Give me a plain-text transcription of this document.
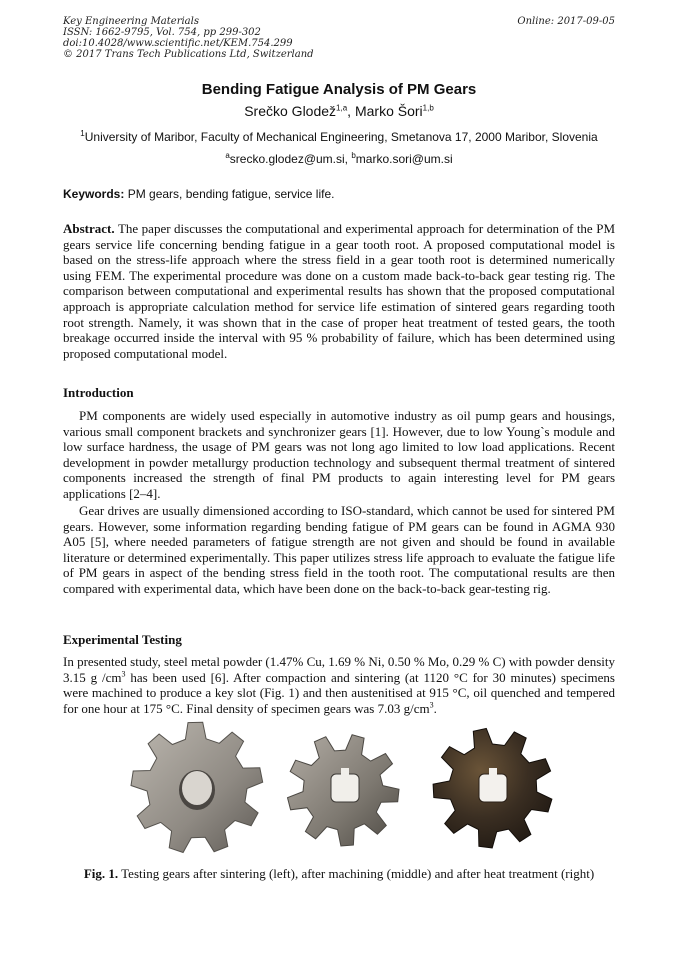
Key Engineering Materials
ISSN: 1662-9795, Vol. 754, pp 299-302
doi:10.4028/www.scientific.net/KEM.754.299
© 2017 Trans Tech Publications Ltd, Switzerland
Online: 2017-09-05
Bending Fatigue Analysis of PM Gears
Srečko Glodež$^{1,a}$, Marko Šori$^{1,b}$
$^1$University of Maribor, Faculty of Mechanical Engineering, Smetanova 17, 2000 Maribor, Slovenia
$^a$srecko.glodez@um.si, $^b$marko.sori@um.si
Keywords: PM gears, bending fatigue, service life.
Abstract. The paper discusses the computational and experimental approach for determination of the PM gears service life concerning bending fatigue in a gear tooth root. A proposed computational model is based on the stress-life approach where the stress field in a gear tooth root is determined numerically using FEM. The experimental procedure was done on a custom made back-to-back gear testing rig. The comparison between computational and experimental results has shown that the proposed computational approach is appropriate calculation method for service life estimation of sintered gears regarding tooth root strength. Namely, it was shown that in the case of proper heat treatment of tested gears, the tooth breakage occurred inside the interval with 95 % probability of failure, which has been determined using proposed computational model.
Introduction
PM components are widely used especially in automotive industry as oil pump gears and housings, various small component brackets and synchronizer gears [1]. However, due to low Young`s module and low surface hardness, the usage of PM gears was not long ago limited to low load applications. Recent development in powder metallurgy production technology and subsequent thermal treatment of sintered components increased the strength of final PM products to again interesting level for PM gears applications [2–4].
Gear drives are usually dimensioned according to ISO-standard, which cannot be used for sintered PM gears. However, some information regarding bending fatigue of PM gears can be found in AGMA 930 A05 [5], where needed parameters of fatigue strength are not given and should be found in available literature or determined experimentally. This paper utilizes stress life approach to evaluate the fatigue life of PM gears in aspect of the bending stress field in the tooth root. The computational results are then compared with experimental data, which have been done on the back-to-back gear-testing rig.
Experimental Testing
In presented study, steel metal powder (1.47% Cu, 1.69 % Ni, 0.50 % Mo, 0.29 % C) with powder density 3.15 g $/cm^3$ has been used [6]. After compaction and sintering (at 1120 °C for 30 minutes) specimens were machined to produce a key slot (Fig. 1) and then austenitised at 915 °C, oil quenched and tempered for one hour at 175 °C. Final density of specimen gears was 7.03 $g/cm^3$.
Fig. 1. Testing gears after sintering (left), after machining (middle) and after heat treatment (right)
